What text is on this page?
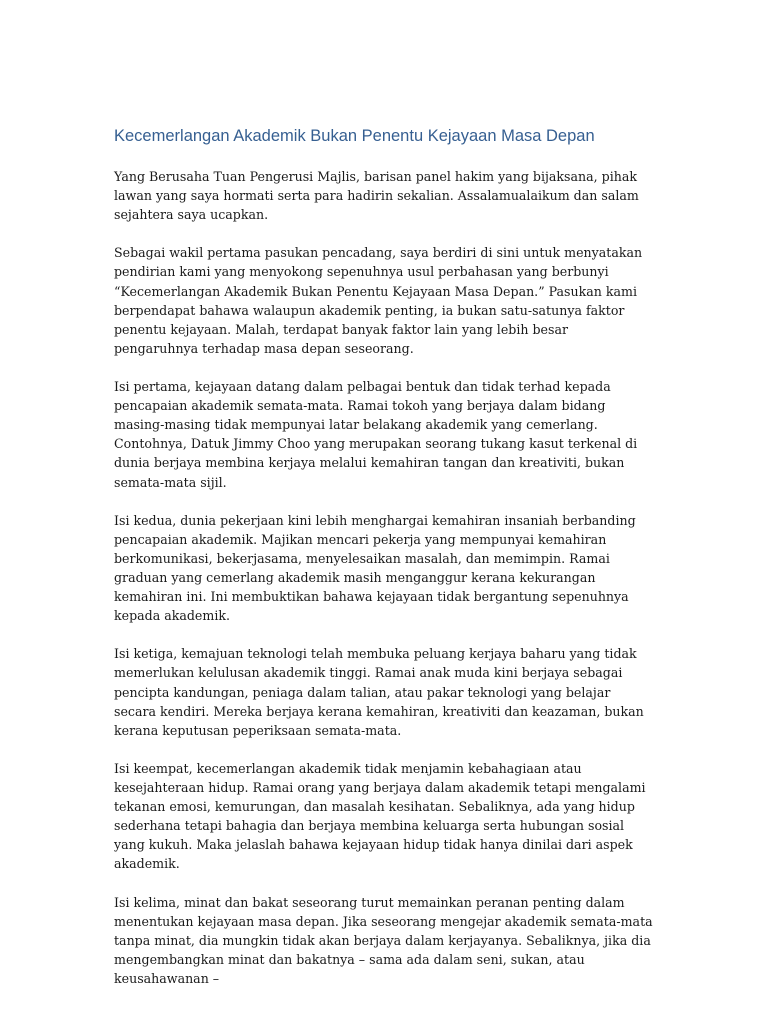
Kecemerlangan Akademik Bukan Penentu Kejayaan Masa Depan

Yang Berusaha Tuan Pengerusi Majlis, barisan panel hakim yang bijaksana, pihak lawan yang saya hormati serta para hadirin sekalian. Assalamualaikum dan salam sejahtera saya ucapkan.

Sebagai wakil pertama pasukan pencadang, saya berdiri di sini untuk menyatakan pendirian kami yang menyokong sepenuhnya usul perbahasan yang berbunyi “Kecemerlangan Akademik Bukan Penentu Kejayaan Masa Depan.” Pasukan kami berpendapat bahawa walaupun akademik penting, ia bukan satu-satunya faktor penentu kejayaan. Malah, terdapat banyak faktor lain yang lebih besar pengaruhnya terhadap masa depan seseorang.

Isi pertama, kejayaan datang dalam pelbagai bentuk dan tidak terhad kepada pencapaian akademik semata-mata. Ramai tokoh yang berjaya dalam bidang masing-masing tidak mempunyai latar belakang akademik yang cemerlang. Contohnya, Datuk Jimmy Choo yang merupakan seorang tukang kasut terkenal di dunia berjaya membina kerjaya melalui kemahiran tangan dan kreativiti, bukan semata-mata sijil.

Isi kedua, dunia pekerjaan kini lebih menghargai kemahiran insaniah berbanding pencapaian akademik. Majikan mencari pekerja yang mempunyai kemahiran berkomunikasi, bekerjasama, menyelesaikan masalah, dan memimpin. Ramai graduan yang cemerlang akademik masih menganggur kerana kekurangan kemahiran ini. Ini membuktikan bahawa kejayaan tidak bergantung sepenuhnya kepada akademik.

Isi ketiga, kemajuan teknologi telah membuka peluang kerjaya baharu yang tidak memerlukan kelulusan akademik tinggi. Ramai anak muda kini berjaya sebagai pencipta kandungan, peniaga dalam talian, atau pakar teknologi yang belajar secara kendiri. Mereka berjaya kerana kemahiran, kreativiti dan keazaman, bukan kerana keputusan peperiksaan semata-mata.

Isi keempat, kecemerlangan akademik tidak menjamin kebahagiaan atau kesejahteraan hidup. Ramai orang yang berjaya dalam akademik tetapi mengalami tekanan emosi, kemurungan, dan masalah kesihatan. Sebaliknya, ada yang hidup sederhana tetapi bahagia dan berjaya membina keluarga serta hubungan sosial yang kukuh. Maka jelaslah bahawa kejayaan hidup tidak hanya dinilai dari aspek akademik.

Isi kelima, minat dan bakat seseorang turut memainkan peranan penting dalam menentukan kejayaan masa depan. Jika seseorang mengejar akademik semata-mata tanpa minat, dia mungkin tidak akan berjaya dalam kerjayanya. Sebaliknya, jika dia mengembangkan minat dan bakatnya – sama ada dalam seni, sukan, atau keusahawanan –
